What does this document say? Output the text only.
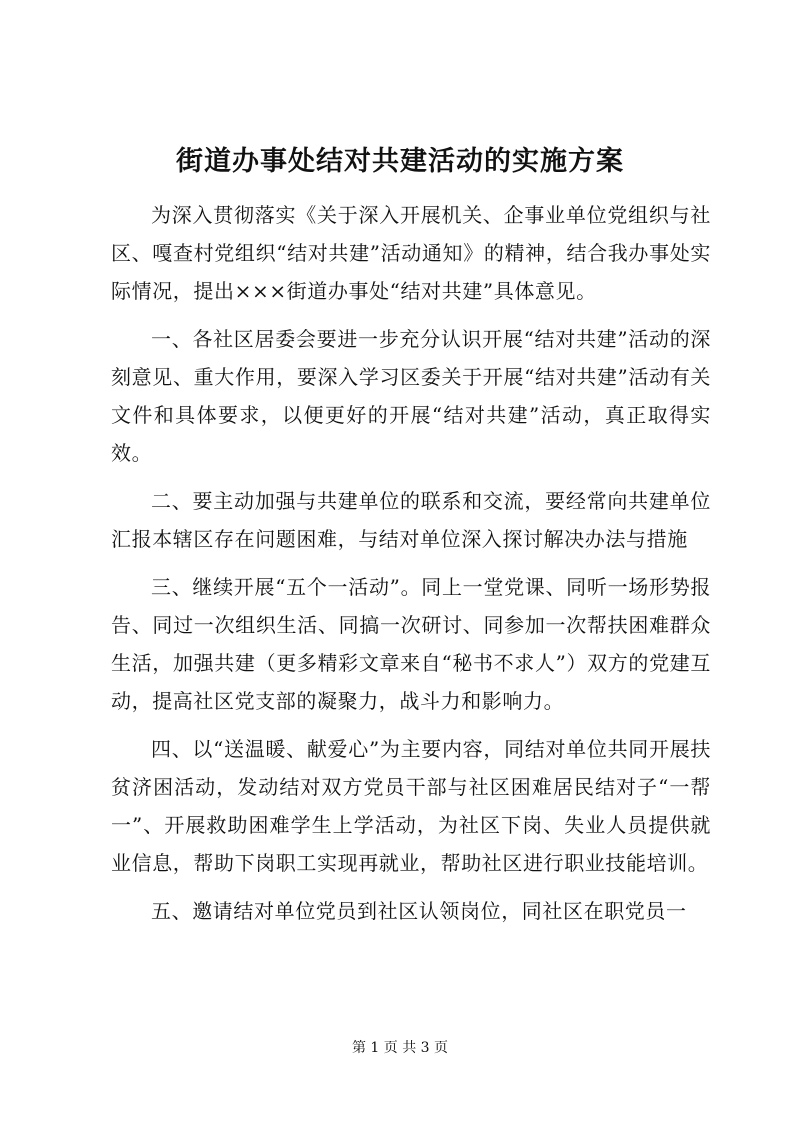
街道办事处结对共建活动的实施方案

为深入贯彻落实《关于深入开展机关、企事业单位党组织与社区、嘎查村党组织“结对共建”活动通知》的精神，结合我办事处实际情况，提出×××街道办事处“结对共建”具体意见。

一、各社区居委会要进一步充分认识开展“结对共建”活动的深刻意见、重大作用，要深入学习区委关于开展“结对共建”活动有关文件和具体要求，以便更好的开展“结对共建”活动，真正取得实效。

二、要主动加强与共建单位的联系和交流，要经常向共建单位汇报本辖区存在问题困难，与结对单位深入探讨解决办法与措施

三、继续开展“五个一活动”。同上一堂党课、同听一场形势报告、同过一次组织生活、同搞一次研讨、同参加一次帮扶困难群众生活，加强共建（更多精彩文章来自“秘书不求人”）双方的党建互动，提高社区党支部的凝聚力，战斗力和影响力。

四、以“送温暖、献爱心”为主要内容，同结对单位共同开展扶贫济困活动，发动结对双方党员干部与社区困难居民结对子“一帮一”、开展救助困难学生上学活动，为社区下岗、失业人员提供就业信息，帮助下岗职工实现再就业，帮助社区进行职业技能培训。

五、邀请结对单位党员到社区认领岗位，同社区在职党员一

第 1 页 共 3 页
